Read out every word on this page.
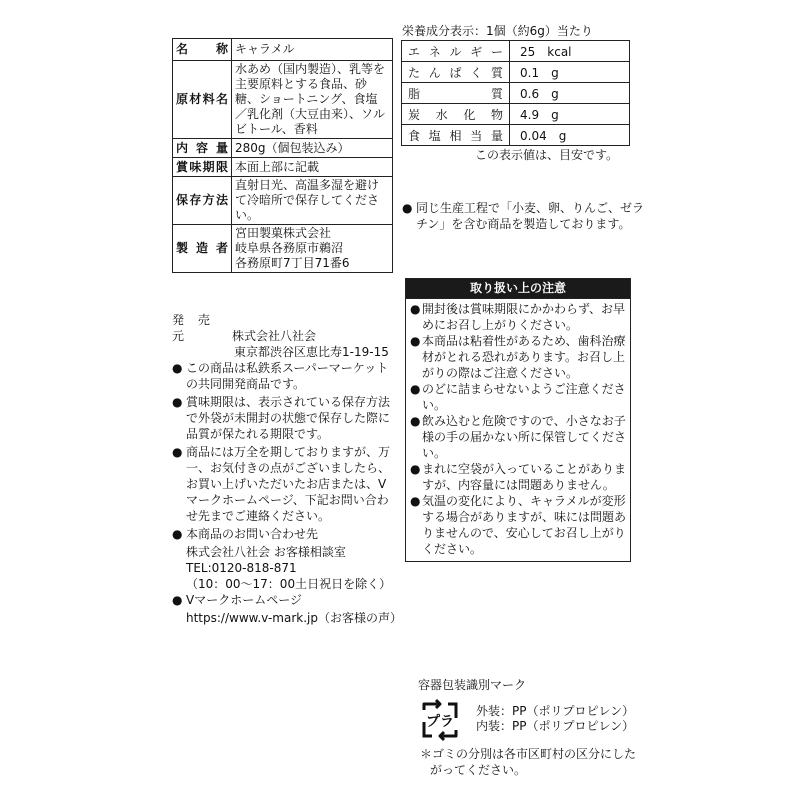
名　　称	キャラメル
原材料名	水あめ（国内製造）、乳等を主要原料とする食品、砂糖、ショートニング、食塩／乳化剤（大豆由来）、ソルビトール、香料
内 容 量	280g（個包装込み）
賞味期限	本面上部に記載
保存方法	直射日光、高温多湿を避けて冷暗所で保存してください。
製 造 者	宮田製菓株式会社
岐阜県各務原市鵜沼
各務原町7丁目71番6
発 売 元	株式会社八社会
東京都渋谷区恵比寿1-19-15
● この商品は私鉄系スーパーマーケットの共同開発商品です。
● 賞味期限は、表示されている保存方法で外袋が未開封の状態で保存した際に品質が保たれる期限です。
● 商品には万全を期しておりますが、万一、お気付きの点がございましたら、お買い上げいただいたお店または、Vマークホームページ、下記お問い合わせ先までご連絡ください。
● 本商品のお問い合わせ先
株式会社八社会 お客様相談室
TEL:0120-818-871
（10：00〜17：00土日祝日を除く）
● Vマークホームページ
https://www.v-mark.jp（お客様の声）
栄養成分表示：1個（約6g）当たり
エネルギー	25　kcal
たんぱく質	0.1　g
脂　　質	0.6　g
炭 水 化 物	4.9　g
食塩相当量	0.04　g
この表示値は、目安です。
● 同じ生産工程で「小麦、卵、りんご、ゼラチン」を含む商品を製造しております。
取り扱い上の注意
● 開封後は賞味期限にかかわらず、お早めにお召し上がりください。
● 本商品は粘着性があるため、歯科治療材がとれる恐れがあります。お召し上がりの際はご注意ください。
● のどに詰まらせないようご注意ください。
● 飲み込むと危険ですので、小さなお子様の手の届かない所に保管してください。
● まれに空袋が入っていることがありますが、内容量には問題ありません。
● 気温の変化により、キャラメルが変形する場合がありますが、味には問題ありませんので、安心してお召し上がりください。
容器包装識別マーク
プラ
外装：PP（ポリプロピレン）
内装：PP（ポリプロピレン）
＊ゴミの分別は各市区町村の区分にしたがってください。
